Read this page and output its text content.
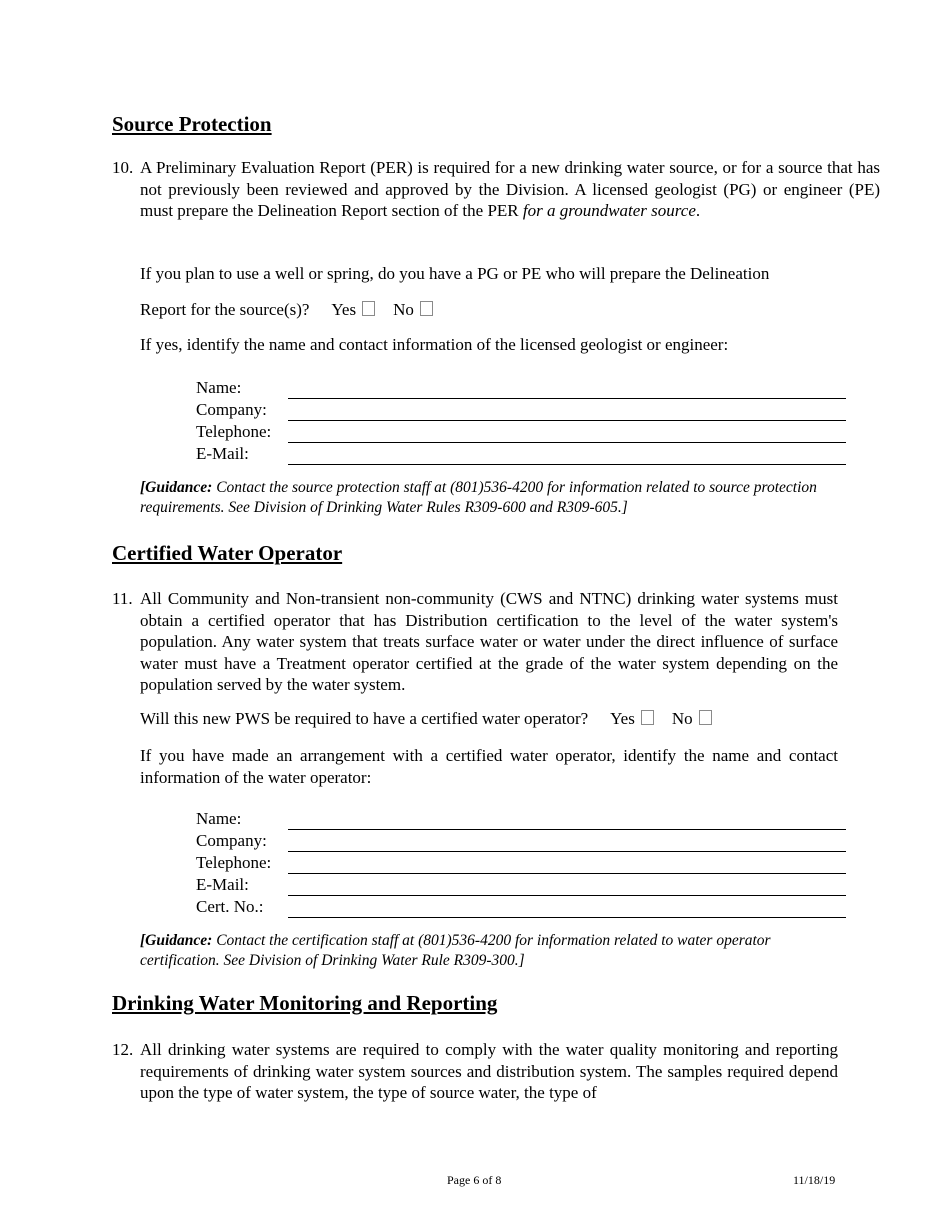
Source Protection
10. A Preliminary Evaluation Report (PER) is required for a new drinking water source, or for a source that has not previously been reviewed and approved by the Division. A licensed geologist (PG) or engineer (PE) must prepare the Delineation Report section of the PER for a groundwater source.
If you plan to use a well or spring, do you have a PG or PE who will prepare the Delineation
Report for the source(s)? Yes No
If yes, identify the name and contact information of the licensed geologist or engineer:
Name:
Company:
Telephone:
E-Mail:
[Guidance: Contact the source protection staff at (801)536-4200 for information related to source protection requirements. See Division of Drinking Water Rules R309-600 and R309-605.]
Certified Water Operator
11. All Community and Non-transient non-community (CWS and NTNC) drinking water systems must obtain a certified operator that has Distribution certification to the level of the water system's population. Any water system that treats surface water or water under the direct influence of surface water must have a Treatment operator certified at the grade of the water system depending on the population served by the water system.
Will this new PWS be required to have a certified water operator? Yes No
If you have made an arrangement with a certified water operator, identify the name and contact information of the water operator:
Name:
Company:
Telephone:
E-Mail:
Cert. No.:
[Guidance: Contact the certification staff at (801)536-4200 for information related to water operator certification. See Division of Drinking Water Rule R309-300.]
Drinking Water Monitoring and Reporting
12. All drinking water systems are required to comply with the water quality monitoring and reporting requirements of drinking water system sources and distribution system. The samples required depend upon the type of water system, the type of source water, the type of
Page 6 of 8	11/18/19
